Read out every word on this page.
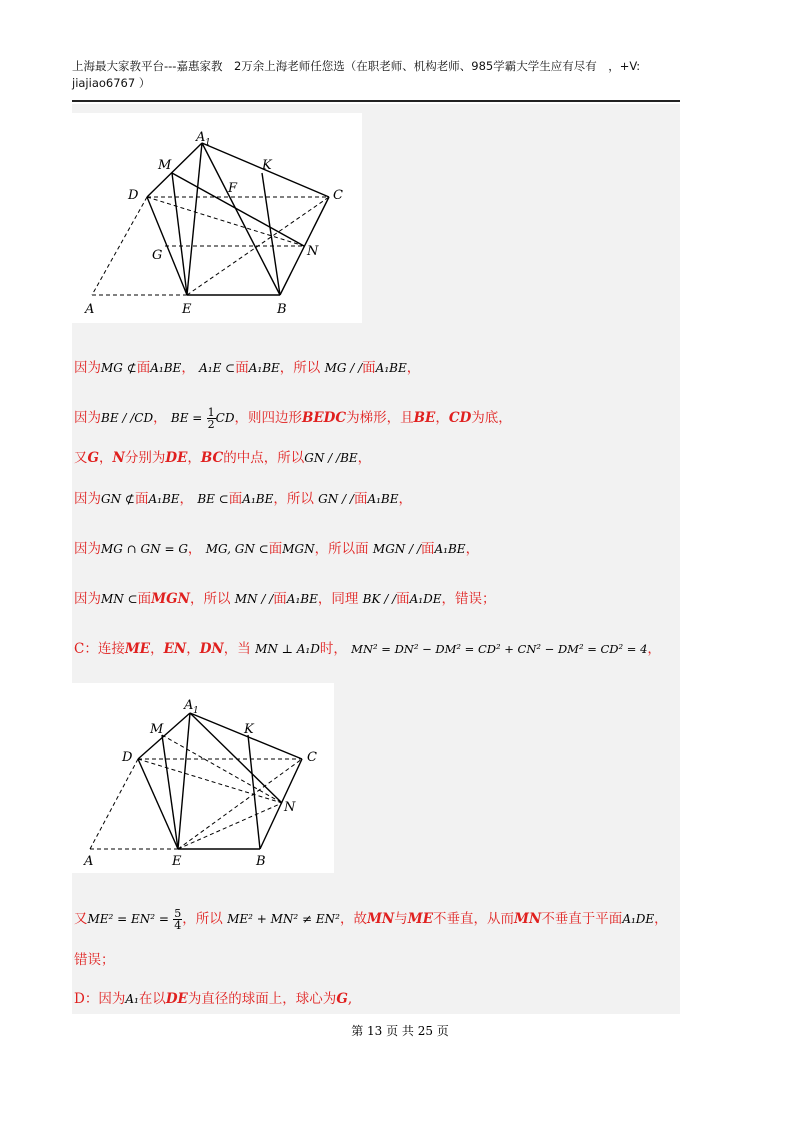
上海最大家教平台---嘉惠家教　2万余上海老师任您选（在职老师、机构老师、985学霸大学生应有尽有　，+V:
jiajiao6767 ）
A 1
M	K
F
D	C
G	N
A	E	B
A 1
M	K
D	C
N
A	E	B
因为MG ⊄面A₁BE， A₁E ⊂面A₁BE，所以 MG / /面A₁BE，
因为BE / /CD， BE = $\frac{1}{2}$ CD，则四边形BEDC为梯形，且BE，CD为底，
又G，N分别为DE，BC的中点，所以GN / /BE，
因为GN ⊄面A₁BE， BE ⊂面A₁BE，所以 GN / /面A₁BE，
因为MG ∩ GN = G， MG, GN ⊂面MGN，所以面 MGN / /面A₁BE，
因为MN ⊂面MGN，所以 MN / /面A₁BE，同理 BK / /面A₁DE，错误；
C：连接ME，EN，DN，当 MN ⊥ A₁D时， MN² = DN² − DM² = CD² + CN² − DM² = CD² = 4，
又$ME^2 = EN^2 = \frac{5}{4}$ ，所以 ME² + MN² ≠ EN²，故MN与ME不垂直，从而MN不垂直于平面A₁DE，
错误；
D：因为A₁在以DE为直径的球面上，球心为G,
第 13 页 共 25 页
